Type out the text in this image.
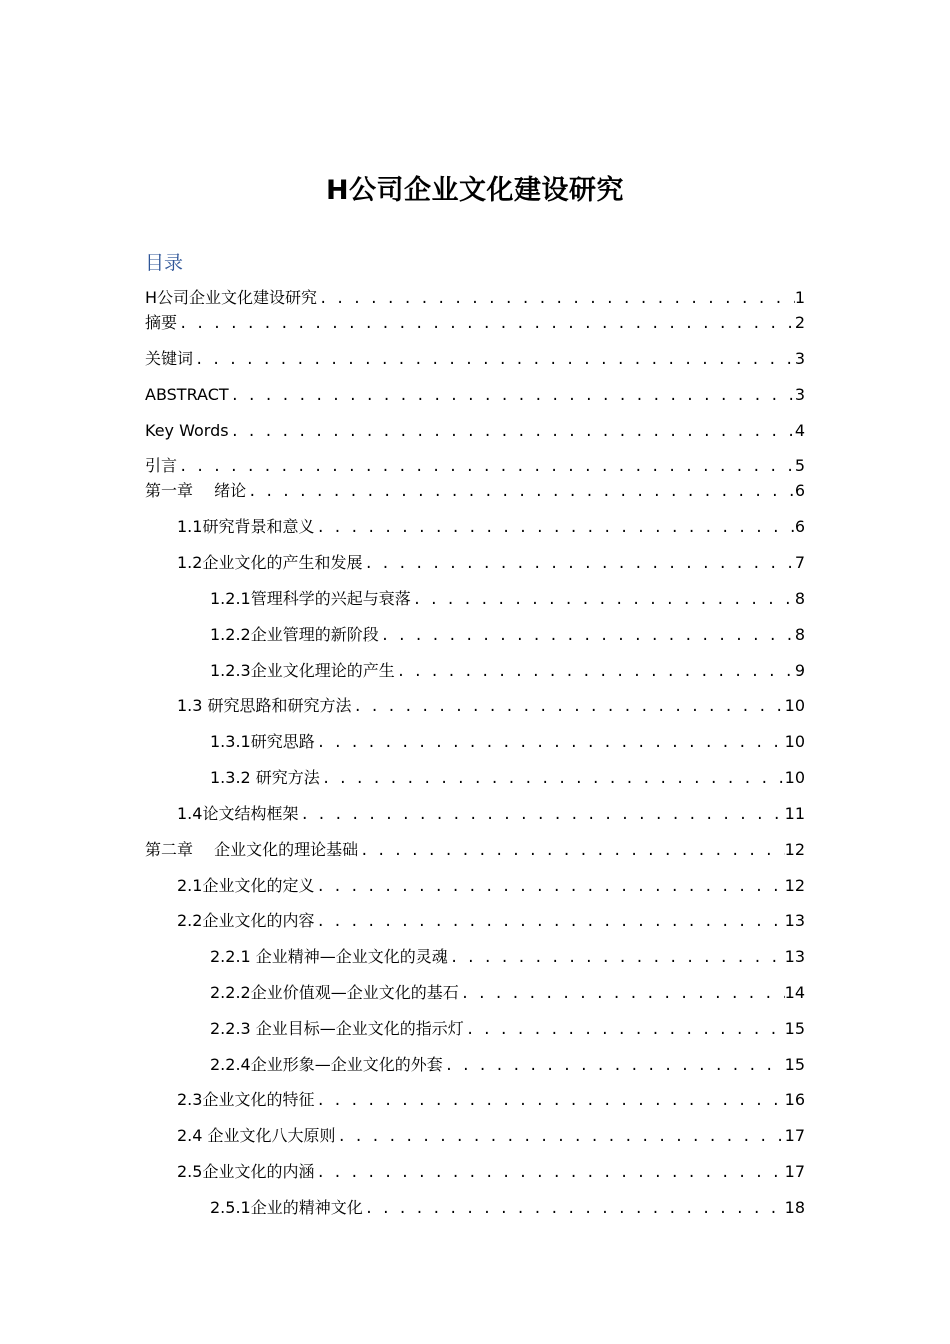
H公司企业文化建设研究
目录
H公司企业文化建设研究 . . .	1
摘要 . . .	2
关键词 . . .	3
ABSTRACT . . .	3
Key Words . . .	4
引言 . . .	5
第一章　 绪论 . . .	6
1.1研究背景和意义 . . .	6
1.2企业文化的产生和发展 . . .	7
1.2.1管理科学的兴起与衰落 . . .	8
1.2.2企业管理的新阶段 . . .	8
1.2.3企业文化理论的产生 . . .	9
1.3 研究思路和研究方法 . . .	10
1.3.1研究思路 . . .	10
1.3.2 研究方法 . . .	10
1.4论文结构框架 . . .	11
第二章　 企业文化的理论基础 . . .	12
2.1企业文化的定义 . . .	12
2.2企业文化的内容 . . .	13
2.2.1 企业精神—企业文化的灵魂 . . .	13
2.2.2企业价值观—企业文化的基石 . . .	14
2.2.3 企业目标—企业文化的指示灯 . . .	15
2.2.4企业形象—企业文化的外套 . . .	15
2.3企业文化的特征 . . .	16
2.4 企业文化八大原则 . . .	17
2.5企业文化的内涵 . . .	17
2.5.1企业的精神文化 . . .	18
